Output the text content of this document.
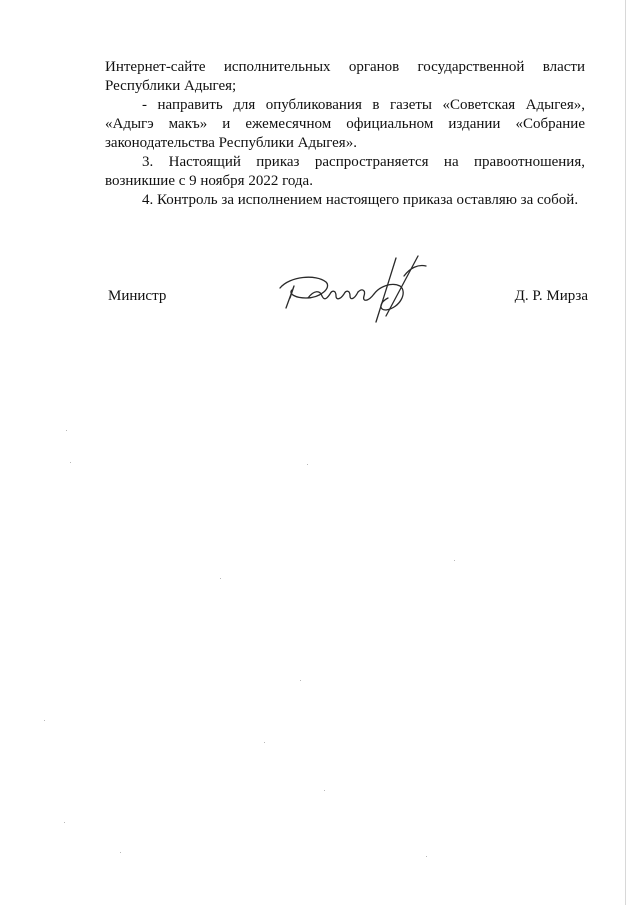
Интернет-сайте исполнительных органов государственной власти
Республики Адыгея;

- направить для опубликования в газеты «Советская Адыгея»,
«Адыгэ макъ» и ежемесячном официальном издании «Собрание законодательства Республики Адыгея».

3. Настоящий приказ распространяется на правоотношения,
возникшие с 9 ноября 2022 года.

4. Контроль за исполнением настоящего приказа оставляю за собой.

Министр	Д. Р. Мирза
